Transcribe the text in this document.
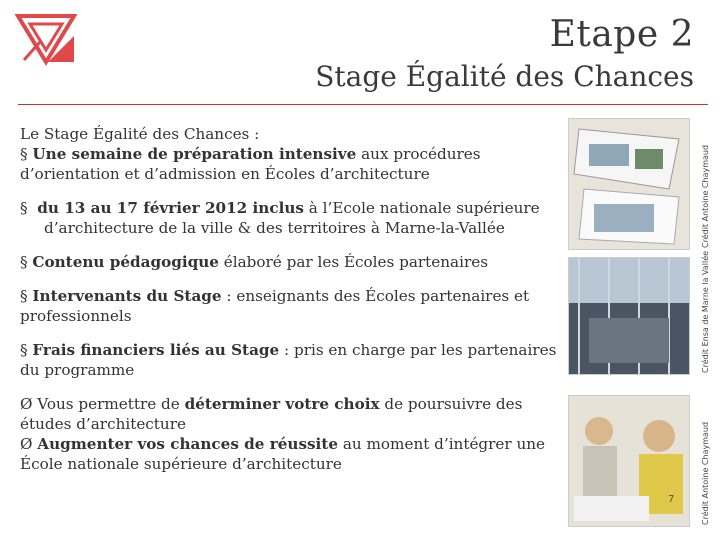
Etape 2
Stage Égalité des Chances

Le Stage Égalité des Chances :

§ Une semaine de préparation intensive aux procédures d’orientation et d’admission en Écoles d’architecture

§  du 13 au 17 février 2012 inclus à l’Ecole nationale supérieure d’architecture de la ville & des territoires à Marne-la-Vallée

§ Contenu pédagogique élaboré par les Écoles partenaires

§ Intervenants du Stage : enseignants des Écoles partenaires et professionnels

§ Frais financiers liés au Stage : pris en charge par les partenaires du programme

Ø Vous permettre de déterminer votre choix de poursuivre des études d’architecture

Ø Augmenter vos chances de réussite au moment d’intégrer une École nationale supérieure d’architecture

Crédit Antoine Chaymaud
Crédit Ensa de Marne la Vallée
Crédit Antoine Chaymaud
7
